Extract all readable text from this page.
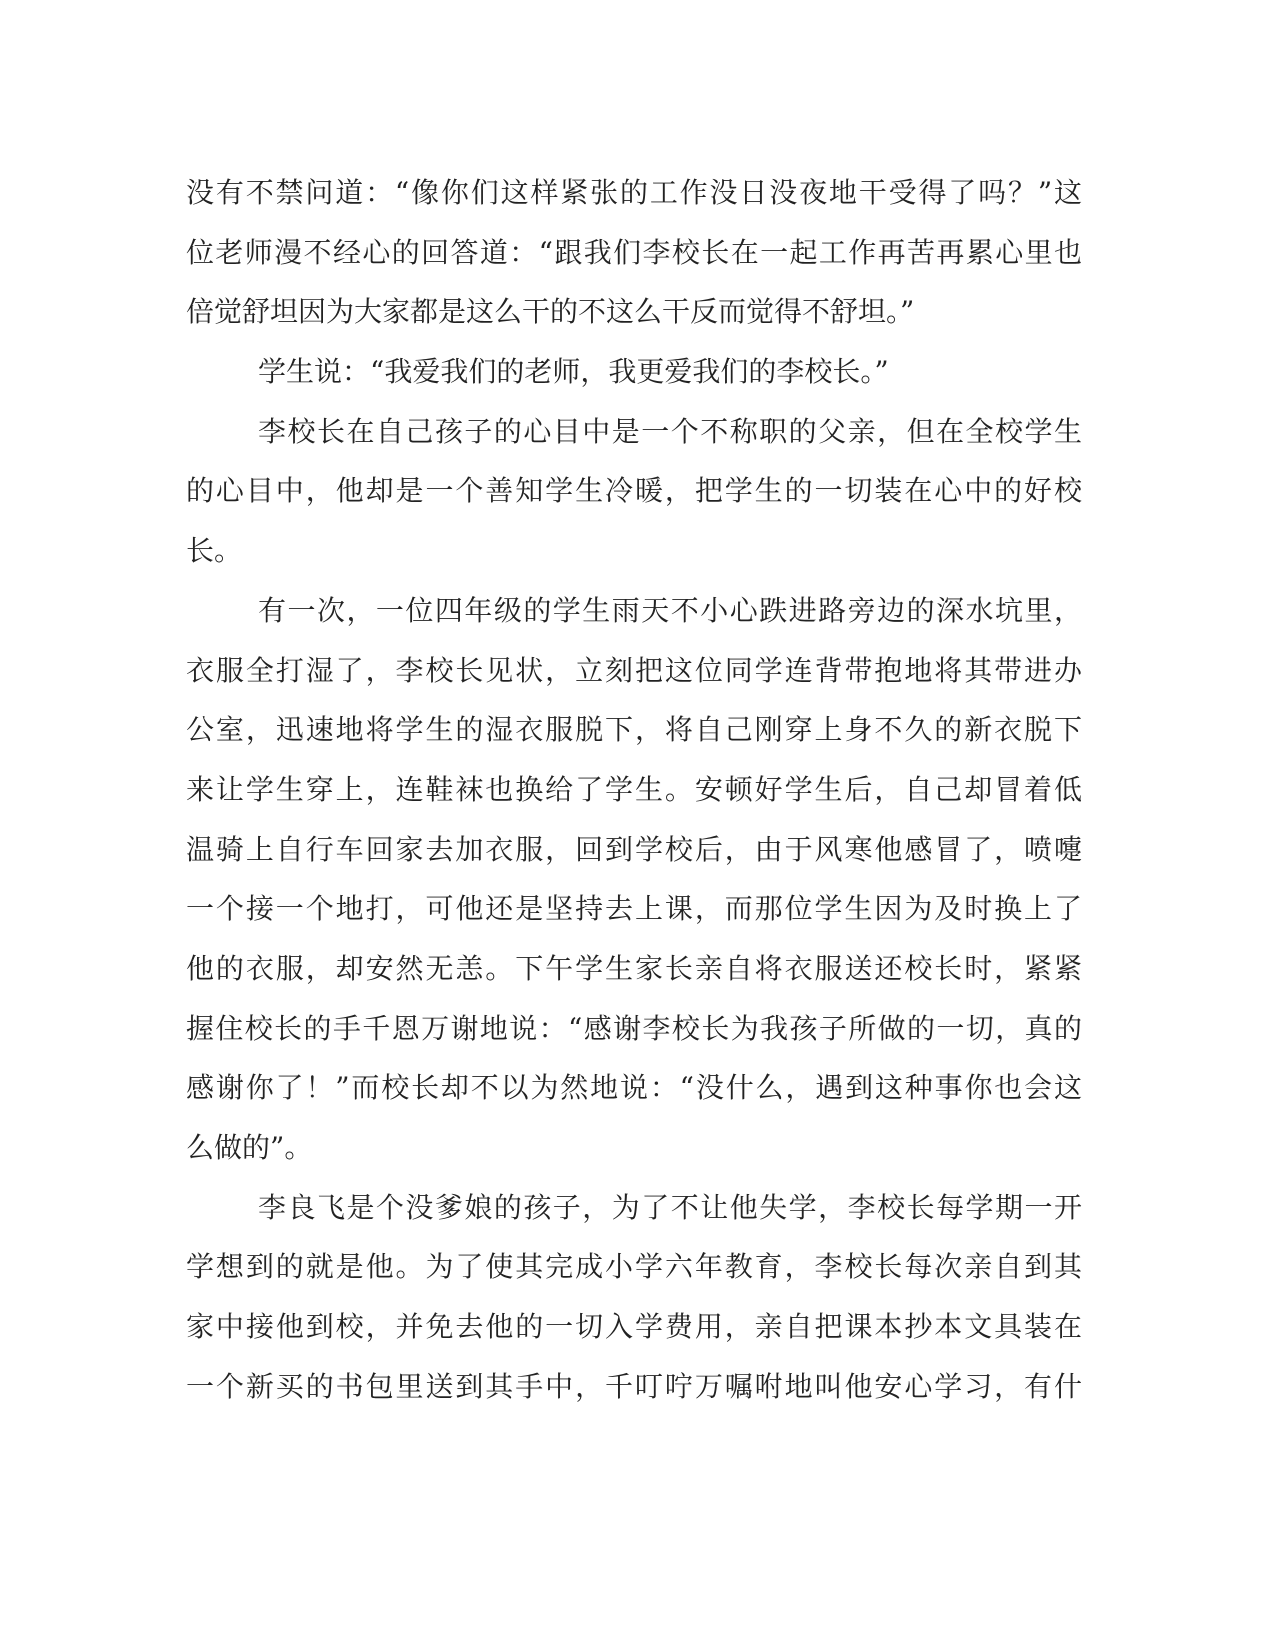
没有不禁问道：“像你们这样紧张的工作没日没夜地干受得了吗？”这
位老师漫不经心的回答道：“跟我们李校长在一起工作再苦再累心里也
倍觉舒坦因为大家都是这么干的不这么干反而觉得不舒坦。”
学生说：“我爱我们的老师，我更爱我们的李校长。”
李校长在自己孩子的心目中是一个不称职的父亲，但在全校学生
的心目中，他却是一个善知学生冷暖，把学生的一切装在心中的好校
长。
有一次，一位四年级的学生雨天不小心跌进路旁边的深水坑里，
衣服全打湿了，李校长见状，立刻把这位同学连背带抱地将其带进办
公室，迅速地将学生的湿衣服脱下，将自己刚穿上身不久的新衣脱下
来让学生穿上，连鞋袜也换给了学生。安顿好学生后，自己却冒着低
温骑上自行车回家去加衣服，回到学校后，由于风寒他感冒了，喷嚏
一个接一个地打，可他还是坚持去上课，而那位学生因为及时换上了
他的衣服，却安然无恙。下午学生家长亲自将衣服送还校长时，紧紧
握住校长的手千恩万谢地说：“感谢李校长为我孩子所做的一切，真的
感谢你了！”而校长却不以为然地说：“没什么，遇到这种事你也会这
么做的”。
李良飞是个没爹娘的孩子，为了不让他失学，李校长每学期一开
学想到的就是他。为了使其完成小学六年教育，李校长每次亲自到其
家中接他到校，并免去他的一切入学费用，亲自把课本抄本文具装在
一个新买的书包里送到其手中，千叮咛万嘱咐地叫他安心学习，有什
